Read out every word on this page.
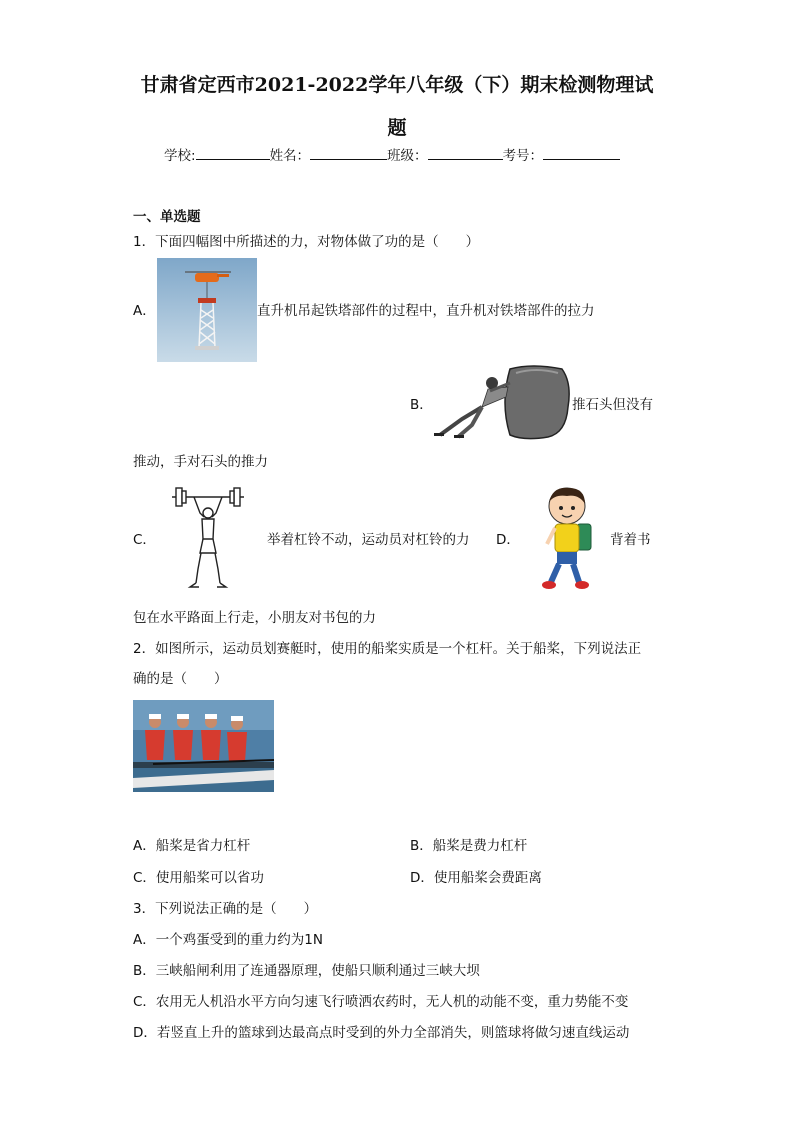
甘肃省定西市2021-2022学年八年级（下）期末检测物理试
题
学校:	姓名：	班级：	考号：
一、单选题
1．下面四幅图中所描述的力，对物体做了功的是（　　）
A．	直升机吊起铁塔部件的过程中，直升机对铁塔部件的拉力
B．	推石头但没有
推动，手对石头的推力
C．	举着杠铃不动，运动员对杠铃的力 D．	背着书
包在水平路面上行走，小朋友对书包的力
2．如图所示，运动员划赛艇时，使用的船桨实质是一个杠杆。关于船桨，下列说法正
确的是（　　）
A．船桨是省力杠杆	B．船桨是费力杠杆
C．使用船桨可以省功	D．使用船桨会费距离
3．下列说法正确的是（　　）
A．一个鸡蛋受到的重力约为1N
B．三峡船闸利用了连通器原理，使船只顺利通过三峡大坝
C．农用无人机沿水平方向匀速飞行喷洒农药时，无人机的动能不变，重力势能不变
D．若竖直上升的篮球到达最高点时受到的外力全部消失，则篮球将做匀速直线运动
